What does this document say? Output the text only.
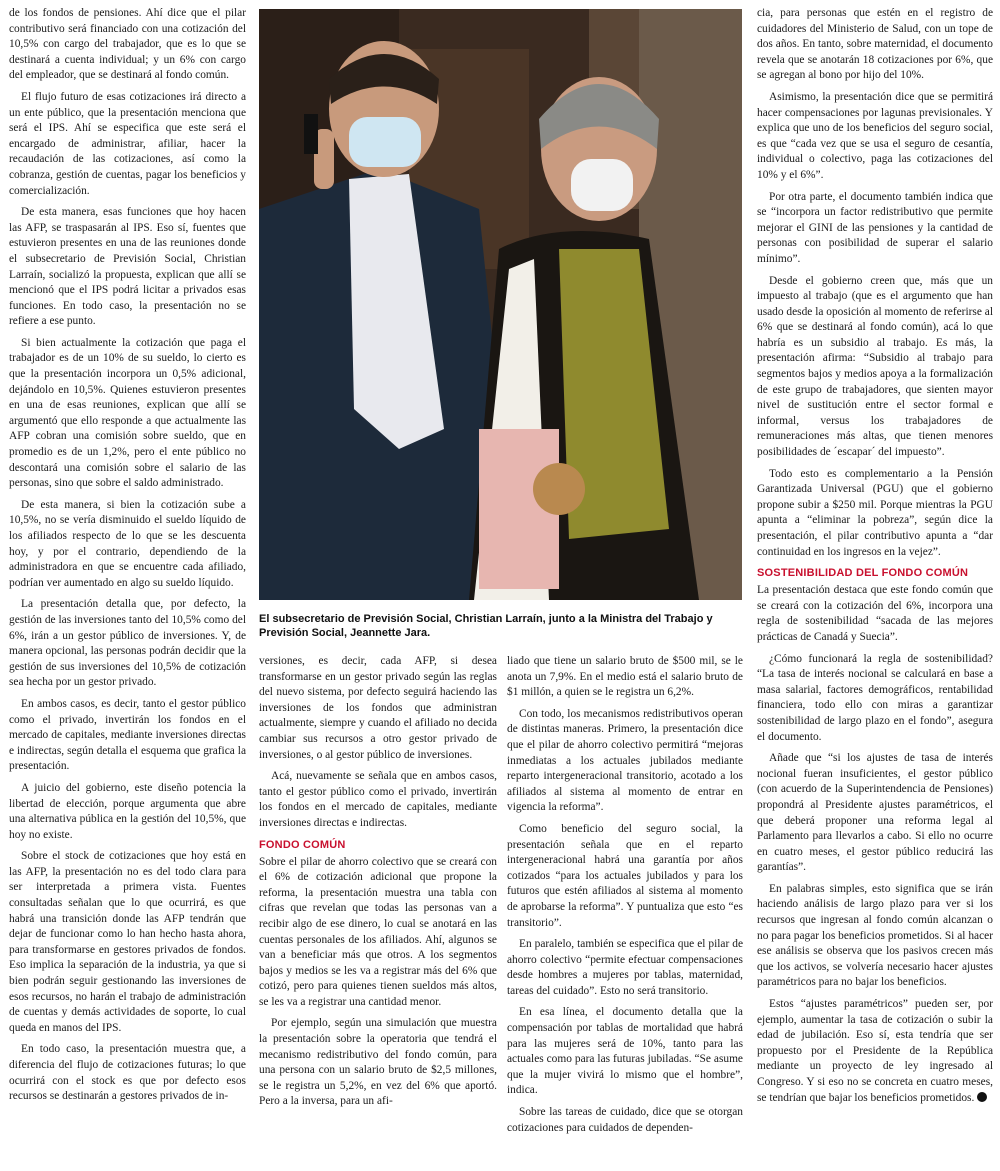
de los fondos de pensiones. Ahí dice que el pilar contributivo será financiado con una cotización del 10,5% con cargo del trabajador, que es lo que se destinará a cuenta individual; y un 6% con cargo del empleador, que se destinará al fondo común.

El flujo futuro de esas cotizaciones irá directo a un ente público, que la presentación menciona que será el IPS. Ahí se especifica que este será el encargado de administrar, afiliar, hacer la recaudación de las cotizaciones, así como la cobranza, gestión de cuentas, pagar los beneficios y comercialización.

De esta manera, esas funciones que hoy hacen las AFP, se traspasarán al IPS. Eso sí, fuentes que estuvieron presentes en una de las reuniones donde el subsecretario de Previsión Social, Christian Larraín, socializó la propuesta, explican que allí se mencionó que el IPS podrá licitar a privados esas funciones. En todo caso, la presentación no se refiere a ese punto.

Si bien actualmente la cotización que paga el trabajador es de un 10% de su sueldo, lo cierto es que la presentación incorpora un 0,5% adicional, dejándolo en 10,5%. Quienes estuvieron presentes en una de esas reuniones, explican que allí se argumentó que ello responde a que actualmente las AFP cobran una comisión sobre sueldo, que en promedio es de un 1,2%, pero el ente público no descontará una comisión sobre el salario de las personas, sino que sobre el saldo administrado.

De esta manera, si bien la cotización sube a 10,5%, no se vería disminuido el sueldo líquido de los afiliados respecto de lo que se les descuenta hoy, y por el contrario, dependiendo de la administradora en que se encuentre cada afiliado, podrían ver aumentado en algo su sueldo líquido.

La presentación detalla que, por defecto, la gestión de las inversiones tanto del 10,5% como del 6%, irán a un gestor público de inversiones. Y, de manera opcional, las personas podrán decidir que la gestión de sus inversiones del 10,5% de cotización sea hecha por un gestor privado.

En ambos casos, es decir, tanto el gestor público como el privado, invertirán los fondos en el mercado de capitales, mediante inversiones directas e indirectas, según detalla el esquema que grafica la presentación.

A juicio del gobierno, este diseño potencia la libertad de elección, porque argumenta que abre una alternativa pública en la gestión del 10,5%, que hoy no existe.

Sobre el stock de cotizaciones que hoy está en las AFP, la presentación no es del todo clara para ser interpretada a primera vista. Fuentes consultadas señalan que lo que ocurrirá, es que habrá una transición donde las AFP tendrán que dejar de funcionar como lo han hecho hasta ahora, para transformarse en gestores privados de fondos. Eso implica la separación de la industria, ya que si bien podrán seguir gestionando las inversiones de esos recursos, no harán el trabajo de administración de cuentas y demás actividades de soporte, lo cual queda en manos del IPS.

En todo caso, la presentación muestra que, a diferencia del flujo de cotizaciones futuras; lo que ocurrirá con el stock es que por defecto esos recursos se destinarán a gestores privados de in-

El subsecretario de Previsión Social, Christian Larraín, junto a la Ministra del Trabajo y Previsión Social, Jeannette Jara.

versiones, es decir, cada AFP, si desea transformarse en un gestor privado según las reglas del nuevo sistema, por defecto seguirá haciendo las inversiones de los fondos que administran actualmente, siempre y cuando el afiliado no decida cambiar sus recursos a otro gestor privado de inversiones, o al gestor público de inversiones.

Acá, nuevamente se señala que en ambos casos, tanto el gestor público como el privado, invertirán los fondos en el mercado de capitales, mediante inversiones directas e indirectas.

FONDO COMÚN

Sobre el pilar de ahorro colectivo que se creará con el 6% de cotización adicional que propone la reforma, la presentación muestra una tabla con cifras que revelan que todas las personas van a recibir algo de ese dinero, lo cual se anotará en las cuentas personales de los afiliados. Ahí, algunos se van a beneficiar más que otros. A los segmentos bajos y medios se les va a registrar más del 6% que cotizó, pero para quienes tienen sueldos más altos, se les va a registrar una cantidad menor.

Por ejemplo, según una simulación que muestra la presentación sobre la operatoria que tendrá el mecanismo redistributivo del fondo común, para una persona con un salario bruto de $2,5 millones, se le registra un 5,2%, en vez del 6% que aportó. Pero a la inversa, para un afi-

liado que tiene un salario bruto de $500 mil, se le anota un 7,9%. En el medio está el salario bruto de $1 millón, a quien se le registra un 6,2%.

Con todo, los mecanismos redistributivos operan de distintas maneras. Primero, la presentación dice que el pilar de ahorro colectivo permitirá “mejoras inmediatas a los actuales jubilados mediante reparto intergeneracional transitorio, acotado a los afiliados al sistema al momento de entrar en vigencia la reforma”.

Como beneficio del seguro social, la presentación señala que en el reparto intergeneracional habrá una garantía por años cotizados “para los actuales jubilados y para los futuros que estén afiliados al sistema al momento de aprobarse la reforma”. Y puntualiza que esto “es transitorio”.

En paralelo, también se especifica que el pilar de ahorro colectivo “permite efectuar compensaciones desde hombres a mujeres por tablas, maternidad, tareas del cuidado”. Esto no será transitorio.

En esa línea, el documento detalla que la compensación por tablas de mortalidad que habrá para las mujeres será de 10%, tanto para las actuales como para las futuras jubiladas. “Se asume que la mujer vivirá lo mismo que el hombre”, indica.

Sobre las tareas de cuidado, dice que se otorgan cotizaciones para cuidados de dependen-

cia, para personas que estén en el registro de cuidadores del Ministerio de Salud, con un tope de dos años. En tanto, sobre maternidad, el documento revela que se anotarán 18 cotizaciones por 6%, que se agregan al bono por hijo del 10%.

Asimismo, la presentación dice que se permitirá hacer compensaciones por lagunas previsionales. Y explica que uno de los beneficios del seguro social, es que “cada vez que se usa el seguro de cesantía, individual o colectivo, paga las cotizaciones del 10% y el 6%”.

Por otra parte, el documento también indica que se “incorpora un factor redistributivo que permite mejorar el GINI de las pensiones y la cantidad de personas con posibilidad de superar el salario mínimo”.

Desde el gobierno creen que, más que un impuesto al trabajo (que es el argumento que han usado desde la oposición al momento de referirse al 6% que se destinará al fondo común), acá lo que habría es un subsidio al trabajo. Es más, la presentación afirma: “Subsidio al trabajo para segmentos bajos y medios apoya a la formalización de este grupo de trabajadores, que sienten mayor nivel de sustitución entre el sector formal e informal, versus los trabajadores de remuneraciones más altas, que tienen menores posibilidades de ´escapar´ del impuesto”.

Todo esto es complementario a la Pensión Garantizada Universal (PGU) que el gobierno propone subir a $250 mil. Porque mientras la PGU apunta a “eliminar la pobreza”, según dice la presentación, el pilar contributivo apunta a “dar continuidad en los ingresos en la vejez”.

SOSTENIBILIDAD DEL FONDO COMÚN

La presentación destaca que este fondo común que se creará con la cotización del 6%, incorpora una regla de sostenibilidad “sacada de las mejores prácticas de Canadá y Suecia”.

¿Cómo funcionará la regla de sostenibilidad? “La tasa de interés nocional se calculará en base a masa salarial, factores demográficos, rentabilidad financiera, todo ello con miras a garantizar sostenibilidad de largo plazo en el fondo”, asegura el documento.

Añade que “si los ajustes de tasa de interés nocional fueran insuficientes, el gestor público (con acuerdo de la Superintendencia de Pensiones) propondrá al Presidente ajustes paramétricos, el que deberá proponer una reforma legal al Parlamento para llevarlos a cabo. Si ello no ocurre en cuatro meses, el gestor público reducirá las garantías”.

En palabras simples, esto significa que se irán haciendo análisis de largo plazo para ver si los recursos que ingresan al fondo común alcanzan o no para pagar los beneficios prometidos. Si al hacer ese análisis se observa que los pasivos crecen más que los activos, se volvería necesario hacer ajustes paramétricos para no bajar los beneficios.

Estos “ajustes paramétricos” pueden ser, por ejemplo, aumentar la tasa de cotización o subir la edad de jubilación. Eso sí, esta tendría que ser propuesto por el Presidente de la República mediante un proyecto de ley ingresado al Congreso. Y si eso no se concreta en cuatro meses, se tendrían que bajar los beneficios prometidos.
